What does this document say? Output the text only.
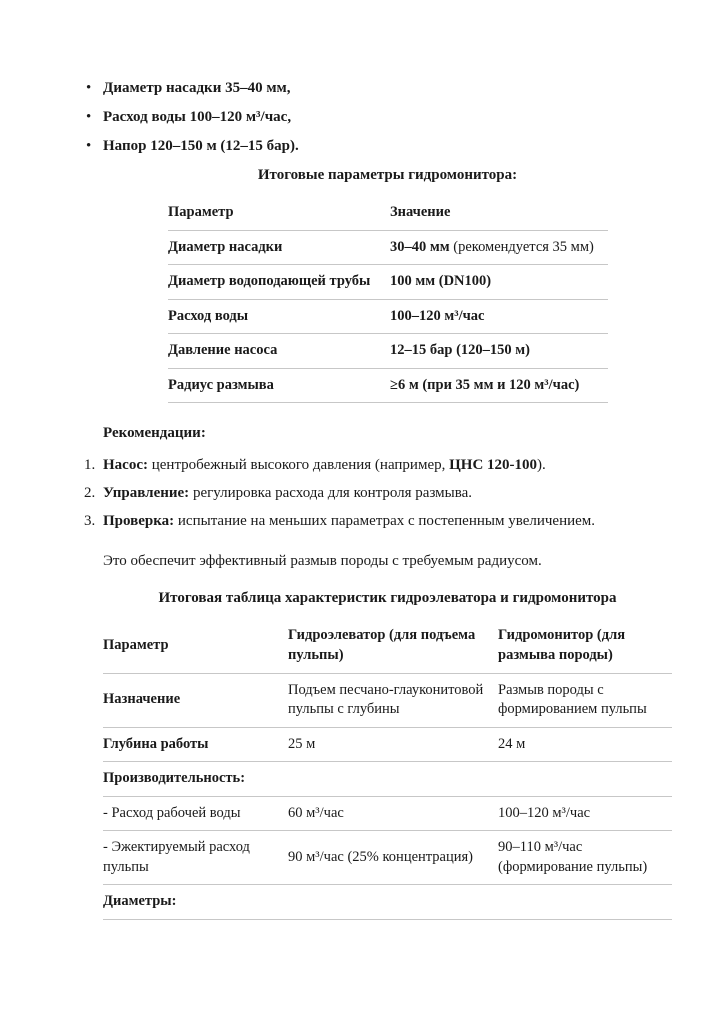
• Диаметр насадки 35–40 мм,
• Расход воды 100–120 м³/час,
• Напор 120–150 м (12–15 бар).
Итоговые параметры гидромонитора:
Параметр	Значение
Диаметр насадки	30–40 мм (рекомендуется 35 мм)
Диаметр водоподающей трубы	100 мм (DN100)
Расход воды	100–120 м³/час
Давление насоса	12–15 бар (120–150 м)
Радиус размыва	≥6 м (при 35 мм и 120 м³/час)
Рекомендации:
1. Насос: центробежный высокого давления (например, ЦНС 120-100).
2. Управление: регулировка расхода для контроля размыва.
3. Проверка: испытание на меньших параметрах с постепенным увеличением.

Это обеспечит эффективный размыв породы с требуемым радиусом.

Итоговая таблица характеристик гидроэлеватора и гидромонитора
Параметр	Гидроэлеватор (для подъема пульпы)	Гидромонитор (для размыва породы)
Назначение	Подъем песчано-глауконитовой пульпы с глубины	Размыв породы с формированием пульпы
Глубина работы	25 м	24 м
Производительность:		
- Расход рабочей воды	60 м³/час	100–120 м³/час
- Эжектируемый расход пульпы	90 м³/час (25% концентрация)	90–110 м³/час (формирование пульпы)
Диаметры:		
